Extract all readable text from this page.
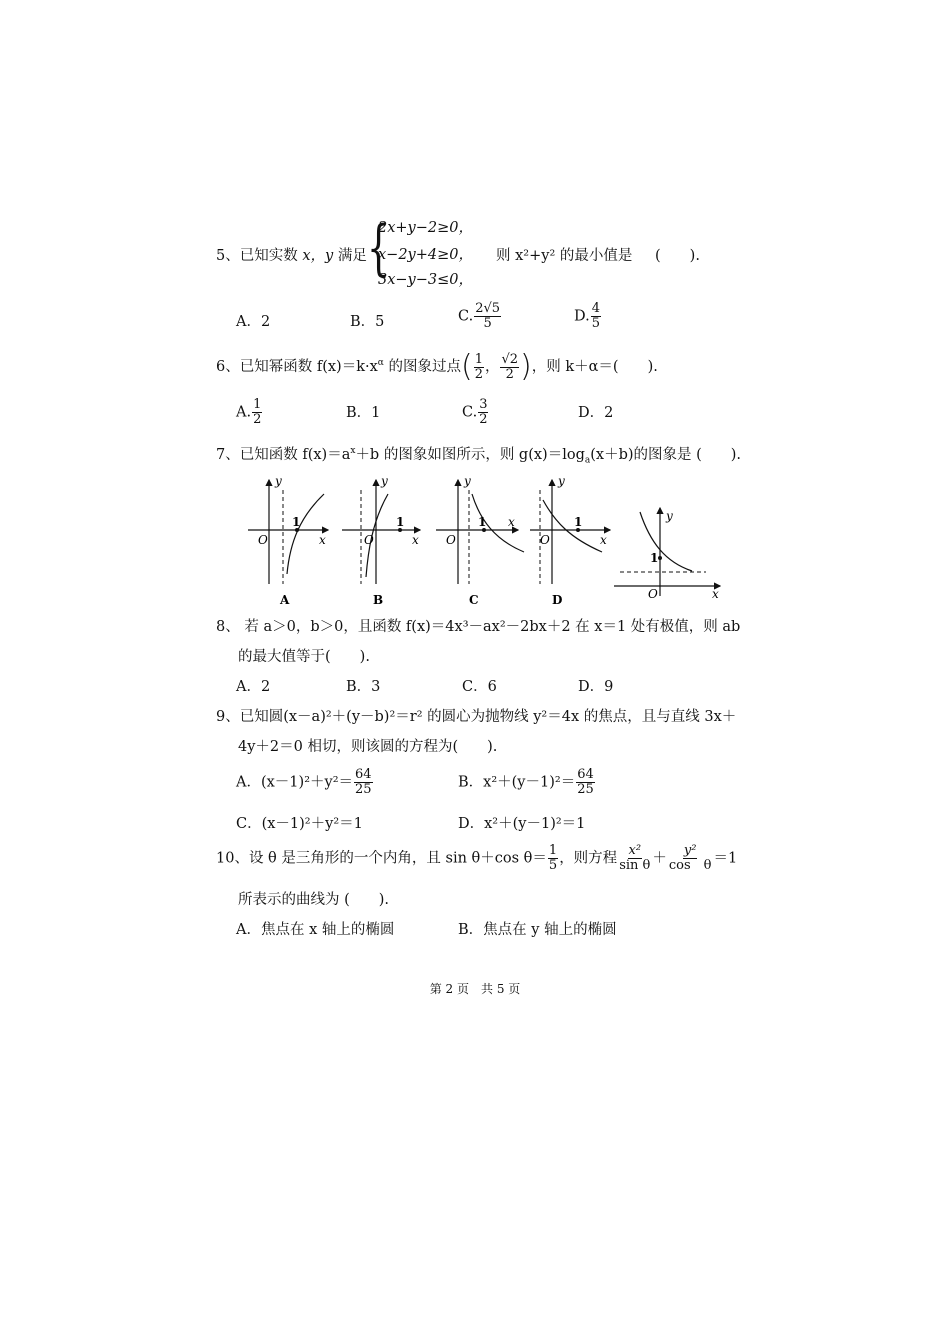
5、已知实数 x，y 满足 {
2x+y−2≥0，
x−2y+4≥0，
3x−y−3≤0，
则 x²+y² 的最小值是 (　　).
A．2	B．5	C. $\frac{2√5}{5}$	D. $\frac{4}{5}$
6、已知幂函数 $f(x)=k\cdot x^\alpha$ 的图象过点( $\frac{1}{2}$ ， $\frac{√2}{2}$ )，则 k＋α＝(　　).
A. $\frac{1}{2}$	B．1	C. $\frac{3}{2}$	D．2
7、已知函数 $f(x)=a^x+b$ 的图象如图所示，则 $g(x)=\log_a(x+b)$的图象是 (　　).
1
y
x
O
A
1
y
x
O
B
1
y
x
O
C
1
y
x
O
D
1
y
x
O
8、 若 a＞0，b＞0，且函数 f(x)＝4x³－ax²－2bx＋2 在 x＝1 处有极值，则 ab
的最大值等于(　　).
A．2	B．3	C．6	D．9
9、已知圆(x－a)²＋(y－b)²＝r² 的圆心为抛物线 y²＝4x 的焦点，且与直线 3x＋
4y＋2＝0 相切，则该圆的方程为(　　).
A．$(x-1)^2+y^2= \frac{64}{25}$	B．$x^2+(y-1)^2= \frac{64}{25}$
C．(x－1)²＋y²＝1	D．x²＋(y－1)²＝1
10、设 θ 是三角形的一个内角，且 sin θ＋cos $\theta= \frac{1}{5}$ ，则方程 $\frac{\text{x²}}{\text{sin θ}} + \frac{\text{y²}}{\text{cos　θ}} =1$
所表示的曲线为 (　　).
A．焦点在 x 轴上的椭圆	B．焦点在 y 轴上的椭圆
第 2 页　共 5 页
